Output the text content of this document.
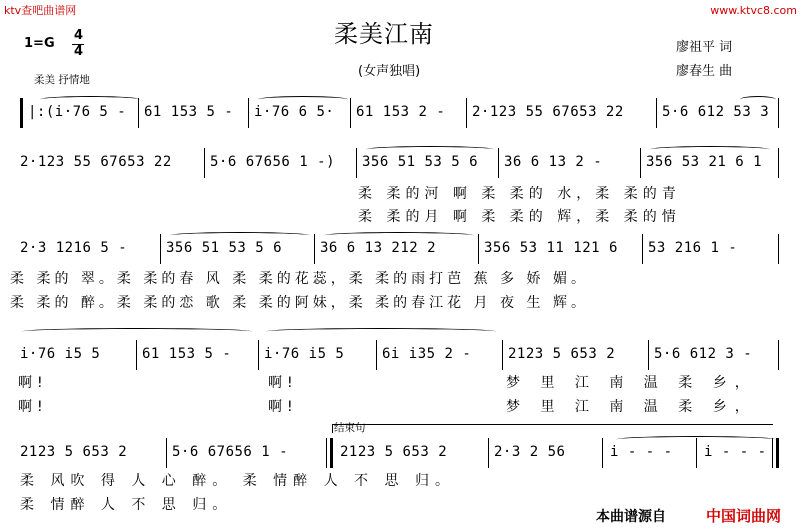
ktv查吧曲谱网	www.ktvc8.com
柔美江南
(女声独唱)
1=G
4
4
柔美 抒情地
廖祖平 词
廖春生 曲
|:(i·76 5 - 61 153 5 - i·76 6 5· 61 153 2 - 2·123 55 67653 22	5·6 612 53 3
2·123 55 67653 22	5·6 67656 1 -) 356 51 53 5 6 36 6 13 2 -	356 53 21 6 1
柔 柔的河 啊 柔 柔的 水，柔 柔的青
柔 柔的月 啊 柔 柔的 辉，柔 柔的情
2·3 1216 5 -	356 51 53 5 6	36 6 13 212 2	356 53 11 121 6 53 216 1 -
柔 柔的 翠。柔 柔的春 风 柔 柔的花蕊，柔 柔的雨打芭 蕉 多 娇 媚。
柔 柔的 醉。柔 柔的恋 歌 柔 柔的阿妹，柔 柔的春江花 月 夜 生 辉。
i·76 i5 5	61 153 5 - i·76 i5 5	6i i35 2 -	2123 5 653 2	5·6 612 3 -
啊!	啊!	梦 里 江 南 温 柔 乡，
啊!	啊!	梦 里 江 南 温 柔 乡，
结束句
2123 5 653 2	5·6 67656 1 -	2123 5 653 2	2·3 2 56	i - - - i - - -
柔 风吹 得 人 心 醉。 柔 情醉 人 不 思 归。
柔 情醉 人 不 思 归。
本曲谱源自	中国词曲网
